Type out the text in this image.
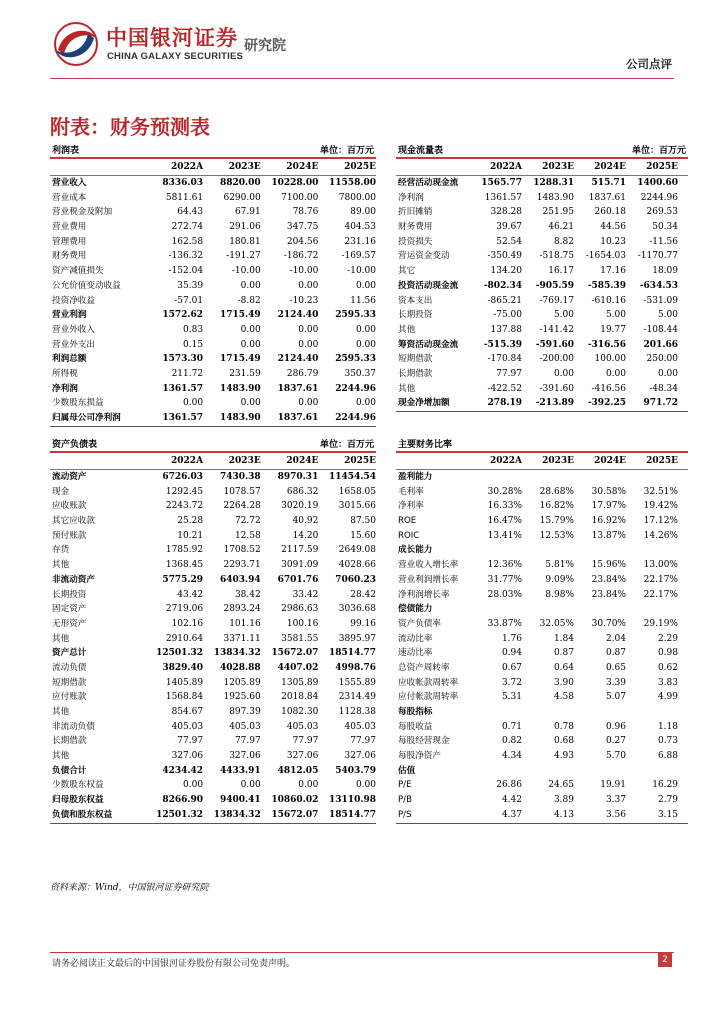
中国银河证券
CHINA GALAXY SECURITIES
研究院
公司点评
附表：财务预测表
利润表	单位：百万元
2022A	2023E	2024E	2025E
营业收入	8336.03	8820.00	10228.00	11558.00
营业成本	5811.61	6290.00	7100.00	7800.00
营业税金及附加	64.43	67.91	78.76	89.00
营业费用	272.74	291.06	347.75	404.53
管理费用	162.58	180.81	204.56	231.16
财务费用	-136.32	-191.27	-186.72	-169.57
资产减值损失	-152.04	-10.00	-10.00	-10.00
公允价值变动收益	35.39	0.00	0.00	0.00
投资净收益	-57.01	-8.82	-10.23	11.56
营业利润	1572.62	1715.49	2124.40	2595.33
营业外收入	0.83	0.00	0.00	0.00
营业外支出	0.15	0.00	0.00	0.00
利润总额	1573.30	1715.49	2124.40	2595.33
所得税	211.72	231.59	286.79	350.37
净利润	1361.57	1483.90	1837.61	2244.96
少数股东损益	0.00	0.00	0.00	0.00
归属母公司净利润	1361.57	1483.90	1837.61	2244.96
现金流量表	单位：百万元
2022A	2023E	2024E	2025E
经营活动现金流	1565.77	1288.31	515.71	1400.60
净利润	1361.57	1483.90	1837.61	2244.96
折旧摊销	328.28	251.95	260.18	269.53
财务费用	39.67	46.21	44.56	50.34
投资损失	52.54	8.82	10.23	-11.56
营运资金变动	-350.49	-518.75	-1654.03	-1170.77
其它	134.20	16.17	17.16	18.09
投资活动现金流	-802.34	-905.59	-585.39	-634.53
资本支出	-865.21	-769.17	-610.16	-531.09
长期投资	-75.00	5.00	5.00	5.00
其他	137.88	-141.42	19.77	-108.44
筹资活动现金流	-515.39	-591.60	-316.56	201.66
短期借款	-170.84	-200.00	100.00	250.00
长期借款	77.97	0.00	0.00	0.00
其他	-422.52	-391.60	-416.56	-48.34
现金净增加额	278.19	-213.89	-392.25	971.72
资产负债表	单位：百万元
2022A	2023E	2024E	2025E
流动资产	6726.03	7430.38	8970.31	11454.54
现金	1292.45	1078.57	686.32	1658.05
应收账款	2243.72	2264.28	3020.19	3015.66
其它应收款	25.28	72.72	40.92	87.50
预付账款	10.21	12.58	14.20	15.60
存货	1785.92	1708.52	2117.59	2649.08
其他	1368.45	2293.71	3091.09	4028.66
非流动资产	5775.29	6403.94	6701.76	7060.23
长期投资	43.42	38.42	33.42	28.42
固定资产	2719.06	2893.24	2986.63	3036.68
无形资产	102.16	101.16	100.16	99.16
其他	2910.64	3371.11	3581.55	3895.97
资产总计	12501.32	13834.32	15672.07	18514.77
流动负债	3829.40	4028.88	4407.02	4998.76
短期借款	1405.89	1205.89	1305.89	1555.89
应付账款	1568.84	1925.60	2018.84	2314.49
其他	854.67	897.39	1082.30	1128.38
非流动负债	405.03	405.03	405.03	405.03
长期借款	77.97	77.97	77.97	77.97
其他	327.06	327.06	327.06	327.06
负债合计	4234.42	4433.91	4812.05	5403.79
少数股东权益	0.00	0.00	0.00	0.00
归母股东权益	8266.90	9400.41	10860.02	13110.98
负债和股东权益	12501.32	13834.32	15672.07	18514.77
主要财务比率
2022A	2023E	2024E	2025E
盈利能力
毛利率	30.28%	28.68%	30.58%	32.51%
净利率	16.33%	16.82%	17.97%	19.42%
ROE	16.47%	15.79%	16.92%	17.12%
ROIC	13.41%	12.53%	13.87%	14.26%
成长能力
营业收入增长率	12.36%	5.81%	15.96%	13.00%
营业利润增长率	31.77%	9.09%	23.84%	22.17%
净利润增长率	28.03%	8.98%	23.84%	22.17%
偿债能力
资产负债率	33.87%	32.05%	30.70%	29.19%
流动比率	1.76	1.84	2.04	2.29
速动比率	0.94	0.87	0.87	0.98
总资产周转率	0.67	0.64	0.65	0.62
应收帐款周转率	3.72	3.90	3.39	3.83
应付帐款周转率	5.31	4.58	5.07	4.99
每股指标
每股收益	0.71	0.78	0.96	1.18
每股经营现金	0.82	0.68	0.27	0.73
每股净资产	4.34	4.93	5.70	6.88
估值
P/E	26.86	24.65	19.91	16.29
P/B	4.42	3.89	3.37	2.79
P/S	4.37	4.13	3.56	3.15
资料来源：Wind，中国银河证券研究院
请务必阅读正文最后的中国银河证券股份有限公司免责声明。	2
